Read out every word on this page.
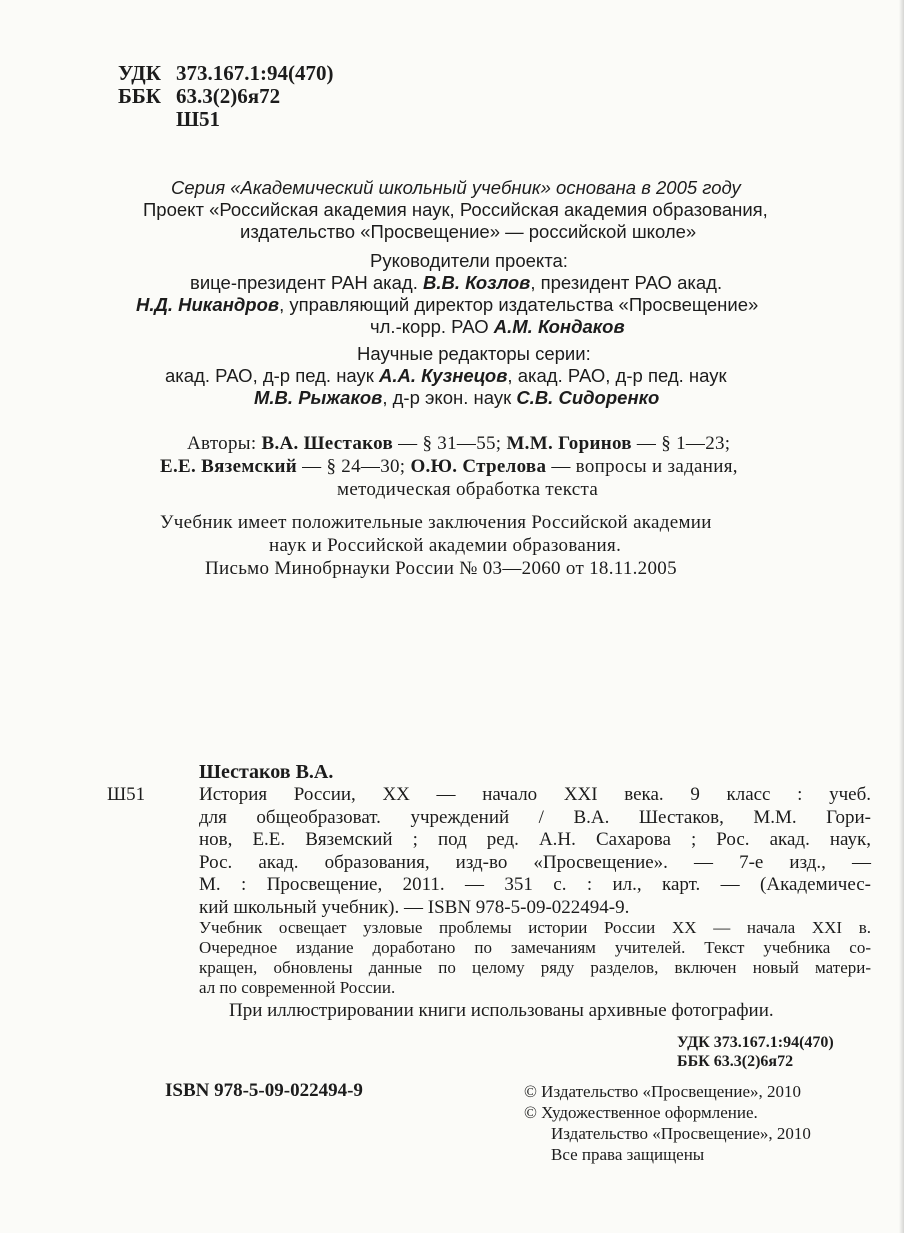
УДК 373.167.1:94(470)
ББК 63.3(2)6я72
Ш51
Серия «Академический школьный учебник» основана в 2005 году
Проект «Российская академия наук, Российская академия образования,
издательство «Просвещение» — российской школе»
Руководители проекта:
вице-президент РАН акад. В.В. Козлов, президент РАО акад.
Н.Д. Никандров, управляющий директор издательства «Просвещение»
чл.-корр. РАО А.М. Кондаков
Научные редакторы серии:
акад. РАО, д-р пед. наук А.А. Кузнецов, акад. РАО, д-р пед. наук
М.В. Рыжаков, д-р экон. наук С.В. Сидоренко
Авторы: В.А. Шестаков — § 31—55; М.М. Горинов — § 1—23;
Е.Е. Вяземский — § 24—30; О.Ю. Стрелова — вопросы и задания,
методическая обработка текста
Учебник имеет положительные заключения Российской академии
наук и Российской академии образования.
Письмо Минобрнауки России № 03—2060 от 18.11.2005
Шестаков В.А.
Ш51	История России, XX — начало XXI века. 9 класс : учеб.
для общеобразоват. учреждений / В.А. Шестаков, М.М. Гори-
нов, Е.Е. Вяземский ; под ред. А.Н. Сахарова ; Рос. акад. наук,
Рос. акад. образования, изд-во «Просвещение». — 7-е изд., —
М. : Просвещение, 2011. — 351 с. : ил., карт. — (Академичес-
кий школьный учебник). — ISBN 978-5-09-022494-9.
Учебник освещает узловые проблемы истории России XX — начала XXI в.
Очередное издание доработано по замечаниям учителей. Текст учебника со-
кращен, обновлены данные по целому ряду разделов, включен новый матери-
ал по современной России.
При иллюстрировании книги использованы архивные фотографии.
УДК 373.167.1:94(470)
ББК 63.3(2)6я72
ISBN 978-5-09-022494-9	© Издательство «Просвещение», 2010
© Художественное оформление.
Издательство «Просвещение», 2010
Все права защищены
